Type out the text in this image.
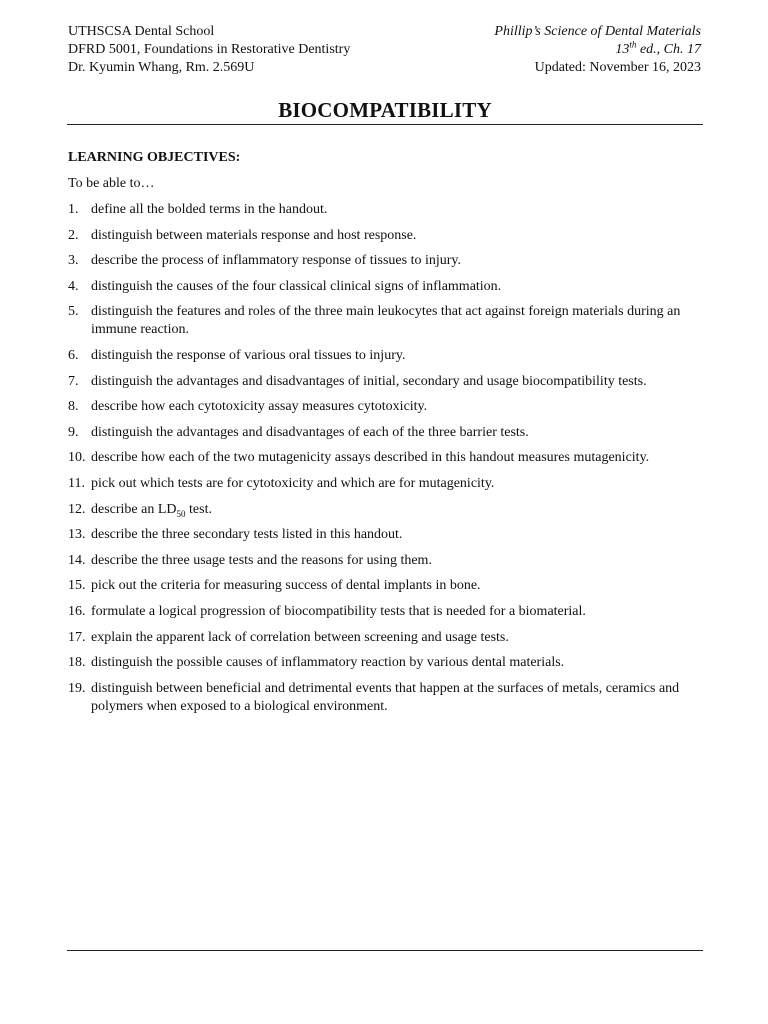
UTHSCSA Dental School	Phillip’s Science of Dental Materials
DFRD 5001, Foundations in Restorative Dentistry	13th ed., Ch. 17
Dr. Kyumin Whang, Rm. 2.569U	Updated: November 16, 2023
BIOCOMPATIBILITY
LEARNING OBJECTIVES:
To be able to…
1. define all the bolded terms in the handout.
2. distinguish between materials response and host response.
3. describe the process of inflammatory response of tissues to injury.
4. distinguish the causes of the four classical clinical signs of inflammation.
5. distinguish the features and roles of the three main leukocytes that act against foreign materials during an immune reaction.
6. distinguish the response of various oral tissues to injury.
7. distinguish the advantages and disadvantages of initial, secondary and usage biocompatibility tests.
8. describe how each cytotoxicity assay measures cytotoxicity.
9. distinguish the advantages and disadvantages of each of the three barrier tests.
10. describe how each of the two mutagenicity assays described in this handout measures mutagenicity.
11. pick out which tests are for cytotoxicity and which are for mutagenicity.
12. describe an $LD_{50}$ test.
13. describe the three secondary tests listed in this handout.
14. describe the three usage tests and the reasons for using them.
15. pick out the criteria for measuring success of dental implants in bone.
16. formulate a logical progression of biocompatibility tests that is needed for a biomaterial.
17. explain the apparent lack of correlation between screening and usage tests.
18. distinguish the possible causes of inflammatory reaction by various dental materials.
19. distinguish between beneficial and detrimental events that happen at the surfaces of metals, ceramics and polymers when exposed to a biological environment.
